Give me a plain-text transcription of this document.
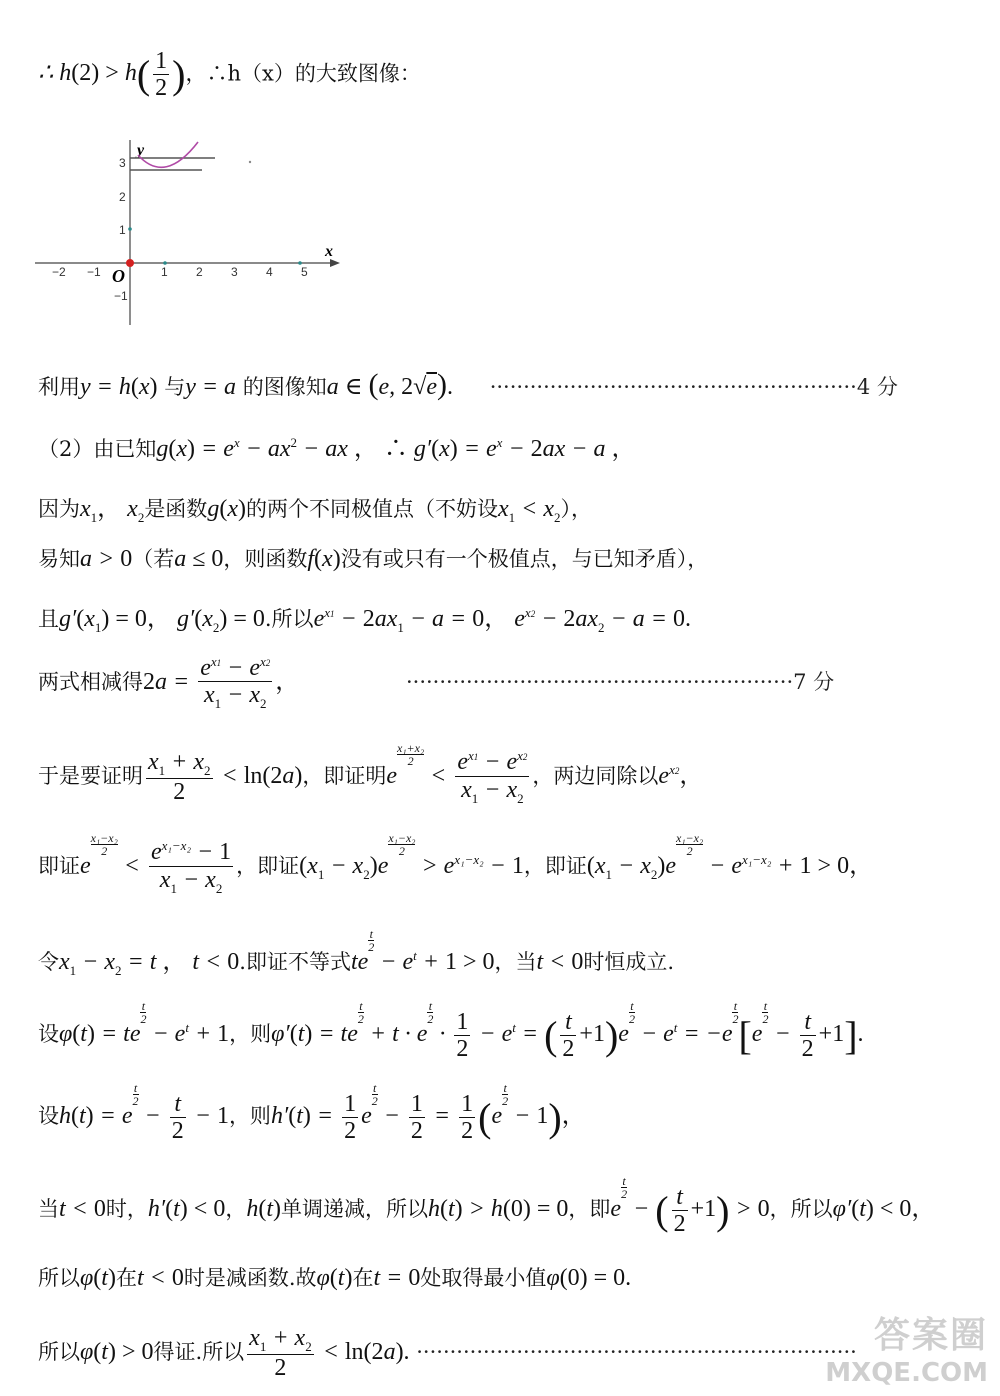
∴ $h(2) > h( \frac{1}{2}$ )，∴h（x）的大致图像：
x
y
O
−2 −1	1 2 3 4 5
3
2
1
−1
利用y = h(x) 与y = a 的图像知a ∈ (e, 2√e). ·······················································4 分
（2）由已知$g(x) = e^x - ax^2$ − ax ， ∴ $g'(x) = e^x - 2ax - a$ ，
因为$x_1$， $x_2$是函数g(x)的两个不同极值点（不妨设$x_1 < x_2$），
易知a > 0（若a ≤ 0，则函数f(x)没有或只有一个极值点，与已知矛盾），
且$g'(x_1) = 0$， $g'(x_2) = 0$.所以$e^{x1} - 2ax_1 - a = 0$， $e^{x2} - 2ax_2 - a = 0$.
两式相减得$2a = \frac{e^{x1} - e^{x2}}{x_1 - x_2}$ ，	··························································7 分
于是要证明 $\frac{x_1 + x_2}{2} < \ln(2a)$，即证明e
$\frac{\text{x₁+x₂}}{2}$
< $\frac{e^{x1} - e^{x2}}{x_1 - x_2}$ ，两边同除以$e^{x2}$，
即证e
$\frac{\text{x₁−x₂}}{2}$
< $\frac{e^{x_1-x_2} - 1}{x_1 - x_2}$ ，即证$(x_1 - x_2)e$
$\frac{\text{x₁−x₂}}{2}$
> $e^{x_1-x_2} - 1$，即证$(x_1 - x_2)e$
$\frac{\text{x₁−x₂}}{2}$
− $e^{x_1-x_2} + 1 > 0$，
令$x_1 - x_2 = t$ ， t < 0.即证不等式te
$\frac{t}{2}$
− $e^t + 1 > 0$，当t < 0时恒成立.
设φ(t) = te
$\frac{t}{2}$
− $e^t + 1$，则φ′(t) = te
$\frac{t}{2}$
+ t · e
$\frac{t}{2}$
· $\frac{1}{2} - e^t$ = ( $\frac{t}{2} +1)e$
$\frac{t}{2}$
− $e^t = -e$
$\frac{t}{2}$
[e
$\frac{t}{2}$
− $\frac{t}{2} +1$].
设h(t) = e
$\frac{t}{2}$
− $\frac{t}{2} - 1$，则$h'(t) = \frac{1}{2}$ e
$\frac{t}{2}$
− $\frac{1}{2} = \frac{1}{2} (e$
$\frac{t}{2}$
− 1)，
当t < 0时，h′(t) < 0，h(t)单调递减，所以h(t) > h(0) = 0，即e
$\frac{t}{2}$
− ( $\frac{t}{2} +1) > 0$，所以φ′(t) < 0，
所以φ(t)在t < 0时是减函数.故φ(t)在t = 0处取得最小值φ(0) = 0.
所以φ(t) > 0得证.所以 $\frac{x_1 + x_2}{2} < \ln(2a)$. ·································································· 答案圈
MXQE.COM
